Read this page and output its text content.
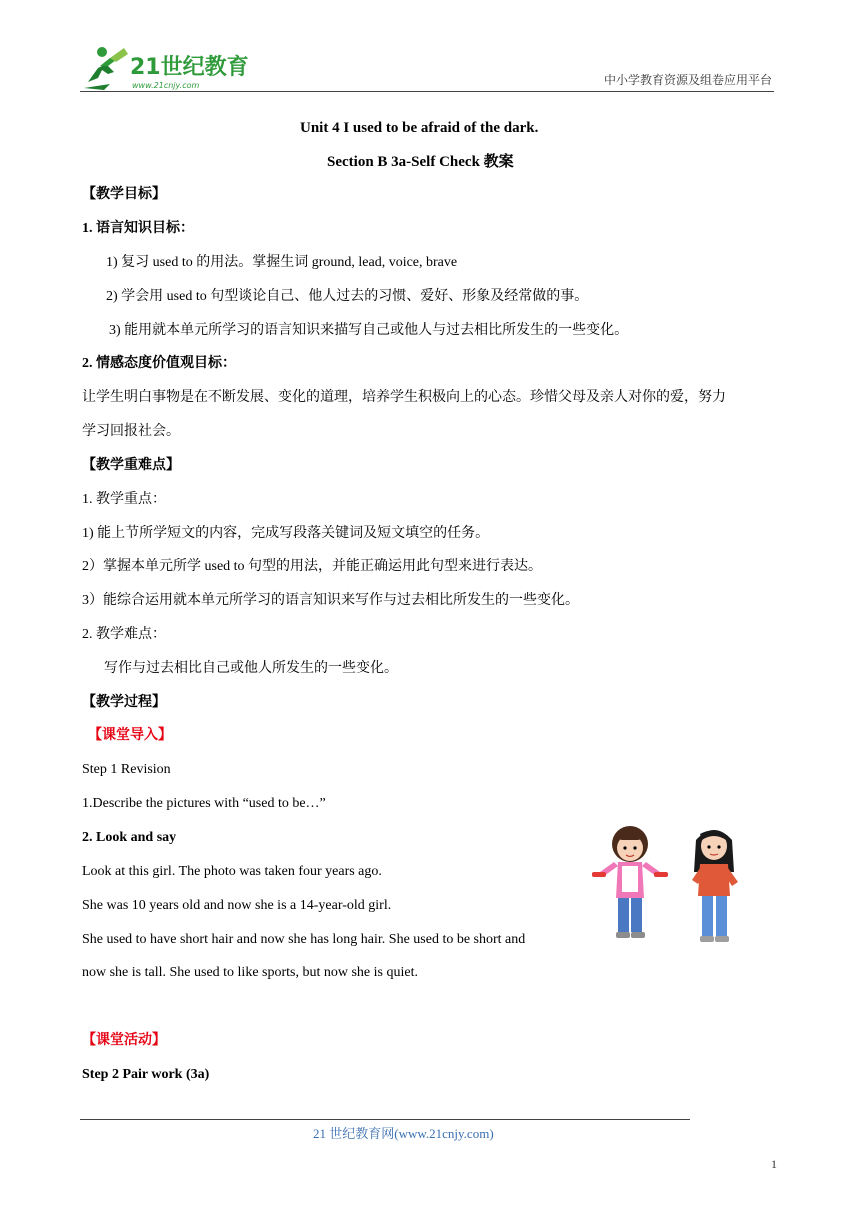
21世纪教育
www.21cnjy.com	中小学教育资源及组卷应用平台
Unit 4 I used to be afraid of the dark.
Section B 3a-Self Check 教案
【教学目标】
1. 语言知识目标：
1) 复习 used to 的用法。掌握生词 ground, lead, voice, brave
2) 学会用 used to 句型谈论自己、他人过去的习惯、爱好、形象及经常做的事。
3) 能用就本单元所学习的语言知识来描写自己或他人与过去相比所发生的一些变化。
2. 情感态度价值观目标：
让学生明白事物是在不断发展、变化的道理，培养学生积极向上的心态。珍惜父母及亲人对你的爱，努力
学习回报社会。
【教学重难点】
1. 教学重点：
1) 能上节所学短文的内容，完成写段落关键词及短文填空的任务。
2）掌握本单元所学 used to 句型的用法，并能正确运用此句型来进行表达。
3）能综合运用就本单元所学习的语言知识来写作与过去相比所发生的一些变化。
2. 教学难点：
写作与过去相比自己或他人所发生的一些变化。
【教学过程】
【课堂导入】
Step 1 Revision
1.Describe the pictures with “used to be…”
2. Look and say
Look at this girl. The photo was taken four years ago.
She was 10 years old and now she is a 14-year-old girl.
She used to have short hair and now she has long hair. She used to be short and
now she is tall. She used to like sports, but now she is quiet.
【课堂活动】
Step 2 Pair work (3a)
21 世纪教育网(www.21cnjy.com)
1
